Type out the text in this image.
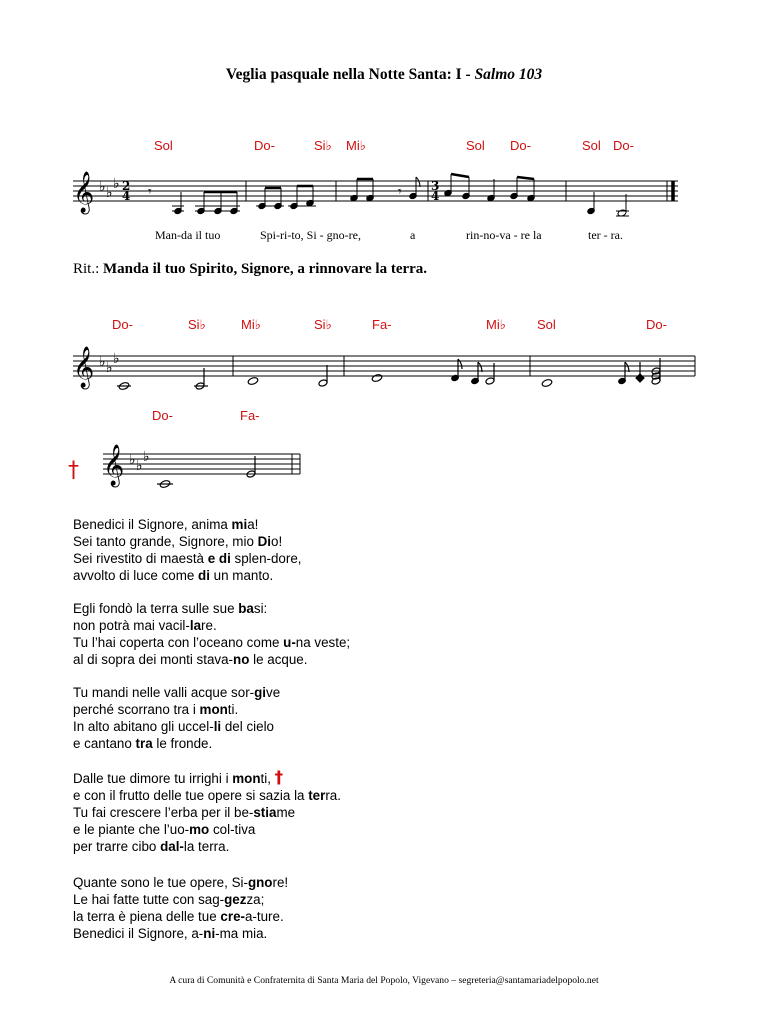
Veglia pasquale nella Notte Santa: I - Salmo 103
Sol	Do-	Si♭ Mi♭	Sol Do-	Sol Do-
Do-	Si♭	Mi♭	Si♭	Fa-	Mi♭ Sol	Do-
Do-	Fa-
𝄞 ♭ ♭
♭ 2
4
3
4
𝄾	𝄾
𝄞 ♭ ♭
♭
𝄞 ♭ ♭
♭
Man-da il tuo	Spi-ri-to, Si - gno-re,	a	rin-no-va - re la	ter - ra.
Rit.: Manda il tuo Spirito, Signore, a rinnovare la terra.
†
Benedici il Signore, anima mia!
Sei tanto grande, Signore, mio Dio!
Sei rivestito di maestà e di splen-dore,
avvolto di luce come di un manto.
Egli fondò la terra sulle sue basi:
non potrà mai vacil-lare.
Tu l’hai coperta con l’oceano come u-na veste;
al di sopra dei monti stava-no le acque.
Tu mandi nelle valli acque sor-give
perché scorrano tra i monti.
In alto abitano gli uccel-li del cielo
e cantano tra le fronde.
Dalle tue dimore tu irrighi i monti, †
e con il frutto delle tue opere si sazia la terra.
Tu fai crescere l’erba per il be-stiame
e le piante che l’uo-mo col-tiva
per trarre cibo dal-la terra.
Quante sono le tue opere, Si-gnore!
Le hai fatte tutte con sag-gezza;
la terra è piena delle tue cre-a-ture.
Benedici il Signore, a-ni-ma mia.
A cura di Comunità e Confraternita di Santa Maria del Popolo, Vigevano – segreteria@santamariadelpopolo.net
